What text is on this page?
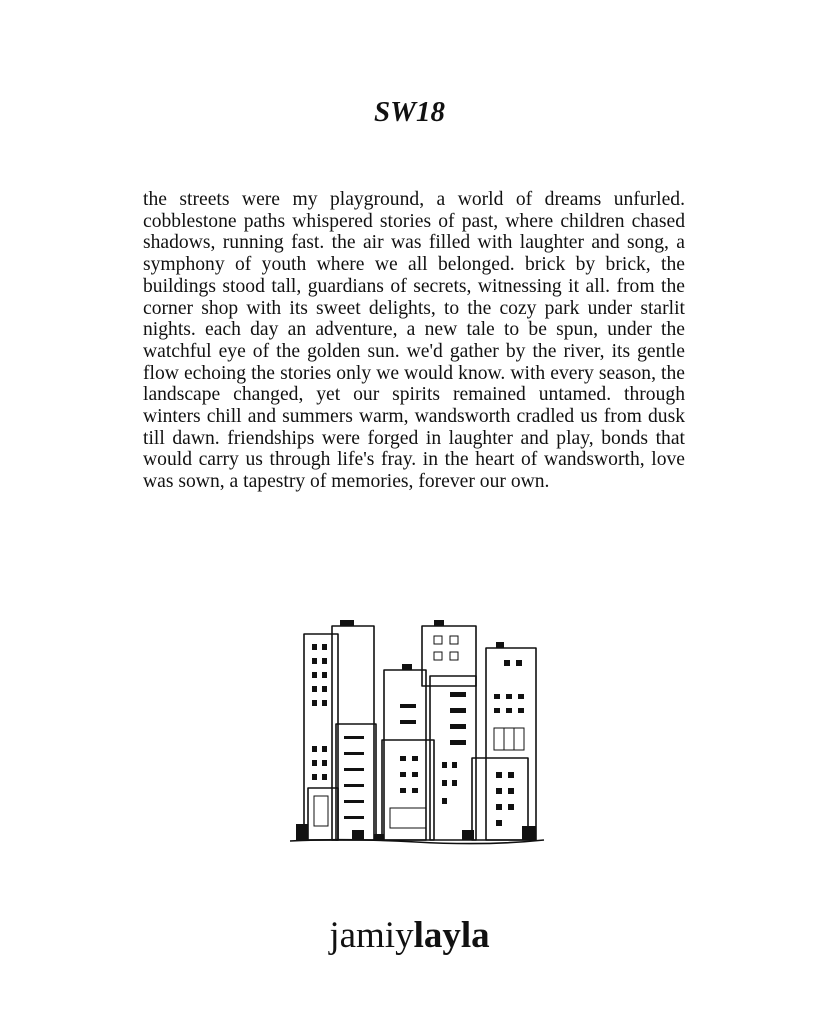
SW18

the streets were my playground, a world of dreams unfurled. cobblestone paths whispered stories of past, where children chased shadows, running fast. the air was filled with laughter and song, a symphony of youth where we all belonged. brick by brick, the buildings stood tall, guardians of secrets, witnessing it all. from the corner shop with its sweet delights, to the cozy park under starlit nights. each day an adventure, a new tale to be spun, under the watchful eye of the golden sun. we'd gather by the river, its gentle flow echoing the stories only we would know. with every season, the landscape changed, yet our spirits remained untamed. through winters chill and summers warm, wandsworth cradled us from dusk till dawn. friendships were forged in laughter and play, bonds that would carry us through life's fray. in the heart of wandsworth, love was sown, a tapestry of memories, forever our own.

jamiylayla
